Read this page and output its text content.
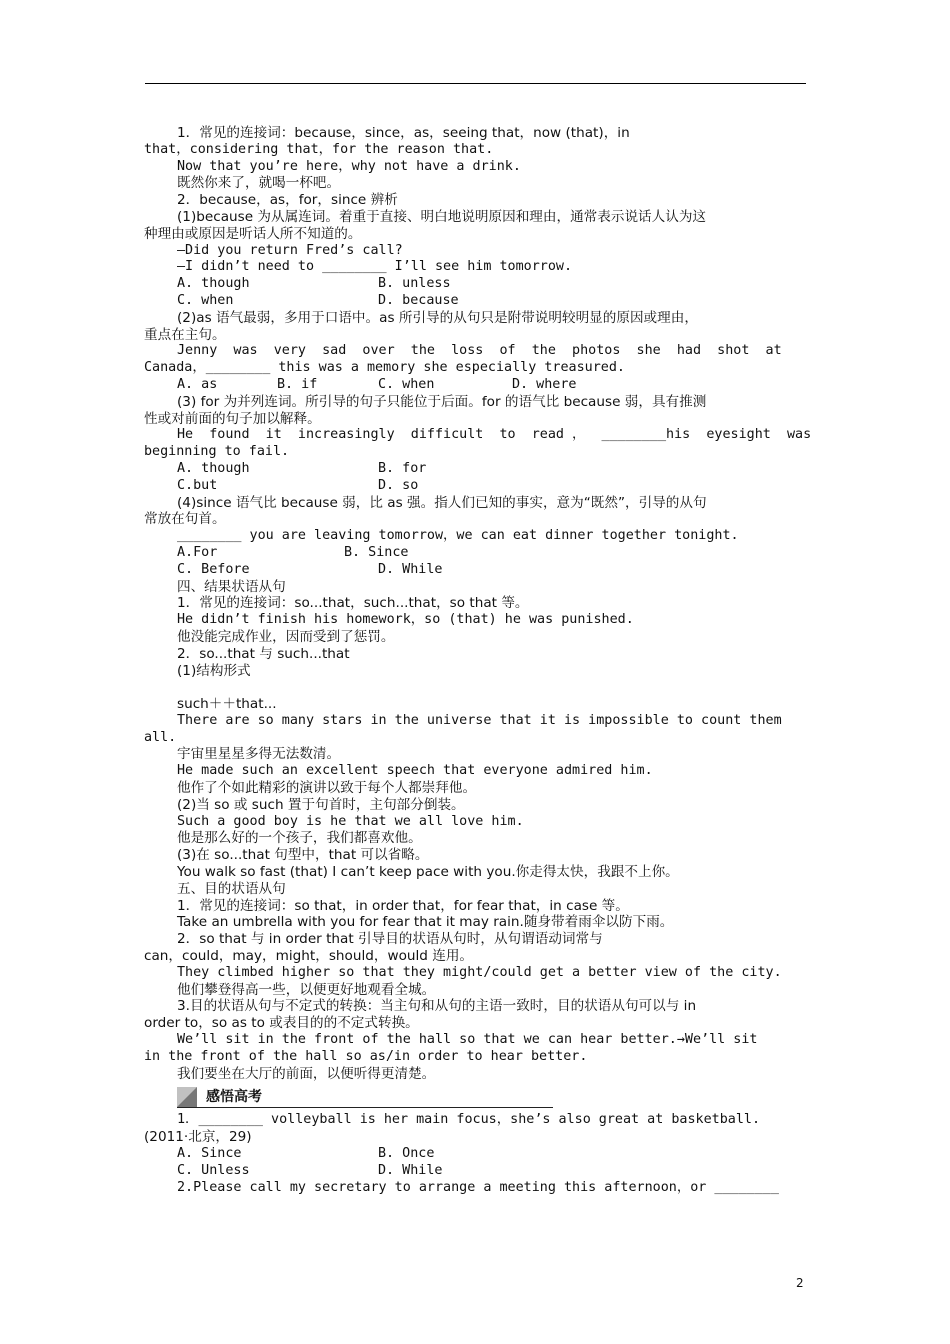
1．常见的连接词：because，since，as，seeing that，now (that)，in
that，considering that，for the reason that.
Now that you’re here，why not have a drink.
既然你来了，就喝一杯吧。
2．because，as，for，since 辨析
(1)because 为从属连词。着重于直接、明白地说明原因和理由，通常表示说话人认为这
种理由或原因是听话人所不知道的。
—Did you return Fred’s call?
—I didn’t need to ________ I’ll see him tomorrow.
A. though	B. unless
C. when	D. because
(2)as 语气最弱，多用于口语中。as 所引导的从句只是附带说明较明显的原因或理由，
重点在主句。
Jenny  was  very  sad  over  the  loss  of  the  photos  she  had  shot  at
Canada，________ this was a memory she especially treasured.
A. as	B. if	C. when	D. where
(3) for 为并列连词。所引导的句子只能位于后面。for 的语气比 because 弱，具有推测
性或对前面的句子加以解释。
He  found  it  increasingly  difficult  to  read ，  ________his  eyesight  was
beginning to fail.
A. though	B. for
C.but	D. so
(4)since 语气比 because 弱，比 as 强。指人们已知的事实，意为“既然”，引导的从句
常放在句首。
________ you are leaving tomorrow，we can eat dinner together tonight.
A.For	B. Since
C. Before	D. While
四、结果状语从句
1．常见的连接词：so...that，such...that，so that 等。
He didn’t finish his homework，so (that) he was punished.
他没能完成作业，因而受到了惩罚。
2．so...that 与 such...that
(1)结构形式
such＋＋that...
There are so many stars in the universe that it is impossible to count them
all.
宇宙里星星多得无法数清。
He made such an excellent speech that everyone admired him.
他作了个如此精彩的演讲以致于每个人都崇拜他。
(2)当 so 或 such 置于句首时，主句部分倒装。
Such a good boy is he that we all love him.
他是那么好的一个孩子，我们都喜欢他。
(3)在 so...that 句型中，that 可以省略。
You walk so fast (that) I can’t keep pace with you.你走得太快，我跟不上你。
五、目的状语从句
1．常见的连接词：so that，in order that，for fear that，in case 等。
Take an umbrella with you for fear that it may rain.随身带着雨伞以防下雨。
2．so that 与 in order that 引导目的状语从句时，从句谓语动词常与
can，could，may，might，should，would 连用。
They climbed higher so that they might/could get a better view of the city.
他们攀登得高一些，以便更好地观看全城。
3.目的状语从句与不定式的转换：当主句和从句的主语一致时，目的状语从句可以与 in
order to，so as to 或表目的的不定式转换。
We’ll sit in the front of the hall so that we can hear better.→We’ll sit
in the front of the hall so as/in order to hear better.
我们要坐在大厅的前面，以便听得更清楚。
感悟高考
1．________ volleyball is her main focus，she’s also great at basketball.
(2011·北京，29)
A. Since	B. Once
C. Unless	D. While
2.Please call my secretary to arrange a meeting this afternoon，or ________
2
